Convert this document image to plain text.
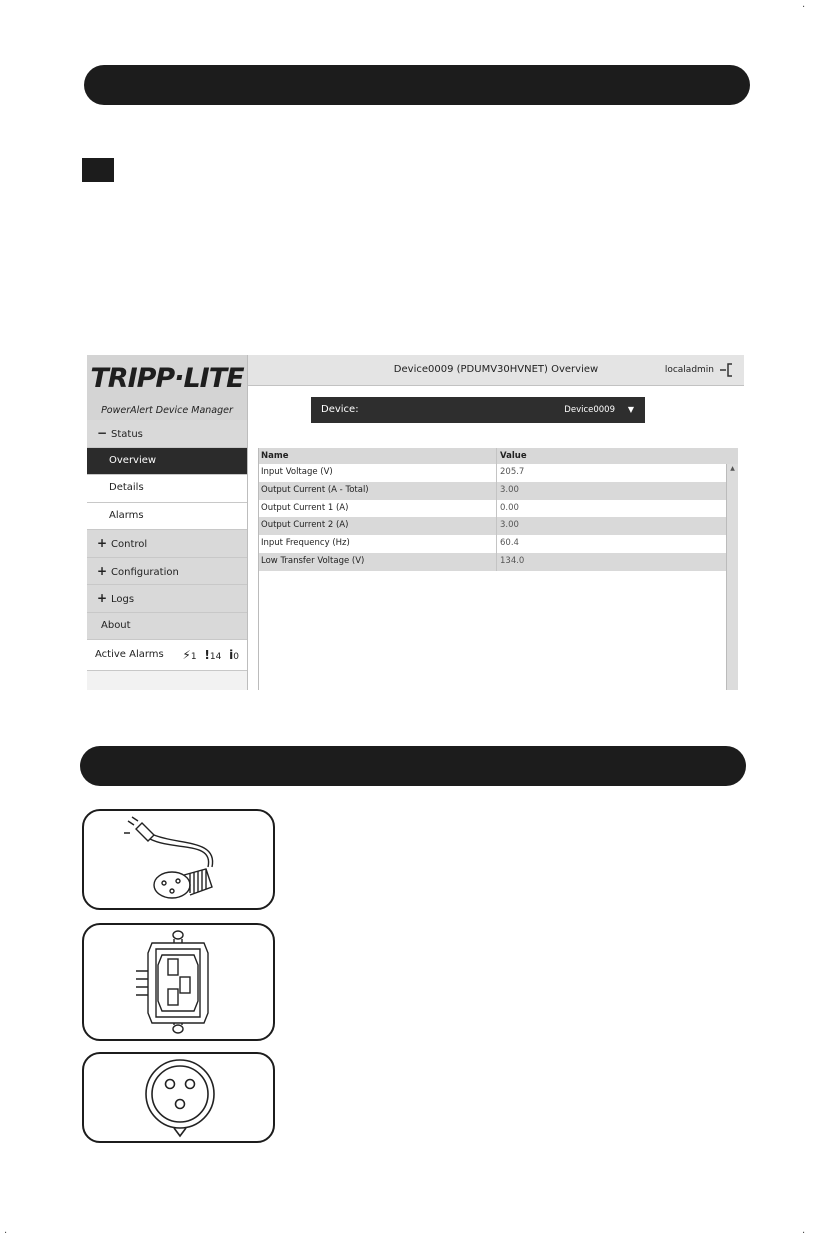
TRIPP·LITE
PowerAlert Device Manager
− Status
Overview
Details
Alarms
+ Control
+ Configuration
+ Logs
About
Active Alarms ⚡1 !14 i0
Device0009 (PDUMV30HVNET) Overview	localadmin
Device:	Device0009 ▼
Name	Value
Input Voltage (V)	205.7
Output Current (A - Total)	3.00
Output Current 1 (A)	0.00
Output Current 2 (A)	3.00
Input Frequency (Hz)	60.4
Low Transfer Voltage (V)	134.0
▲
·
·	·
